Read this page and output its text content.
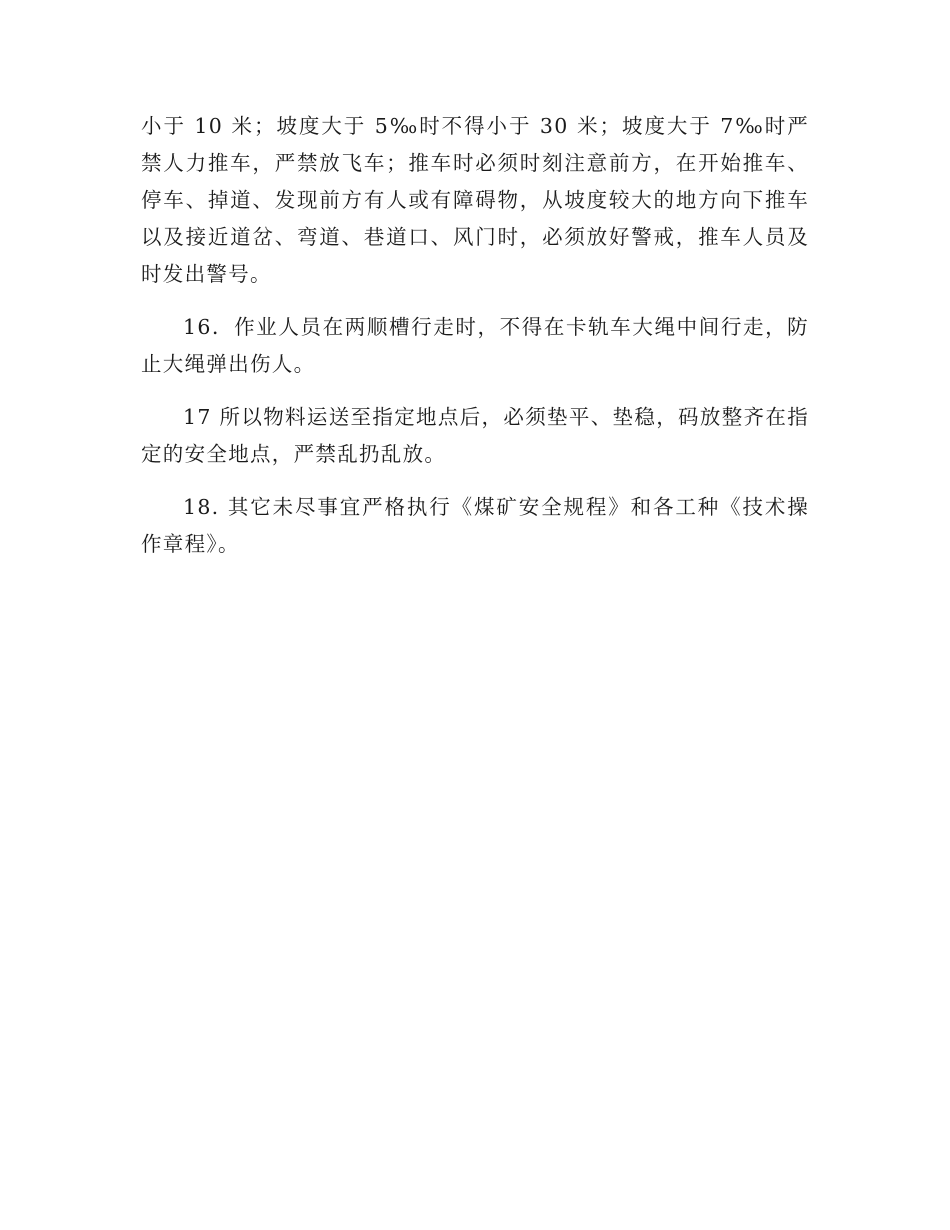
小于 10 米；坡度大于 5‰时不得小于 30 米；坡度大于 7‰时严禁人力推车，严禁放飞车；推车时必须时刻注意前方，在开始推车、停车、掉道、发现前方有人或有障碍物，从坡度较大的地方向下推车以及接近道岔、弯道、巷道口、风门时，必须放好警戒，推车人员及时发出警号。

16．作业人员在两顺槽行走时，不得在卡轨车大绳中间行走，防止大绳弹出伤人。

17 所以物料运送至指定地点后，必须垫平、垫稳，码放整齐在指定的安全地点，严禁乱扔乱放。

18. 其它未尽事宜严格执行《煤矿安全规程》和各工种《技术操作章程》。
